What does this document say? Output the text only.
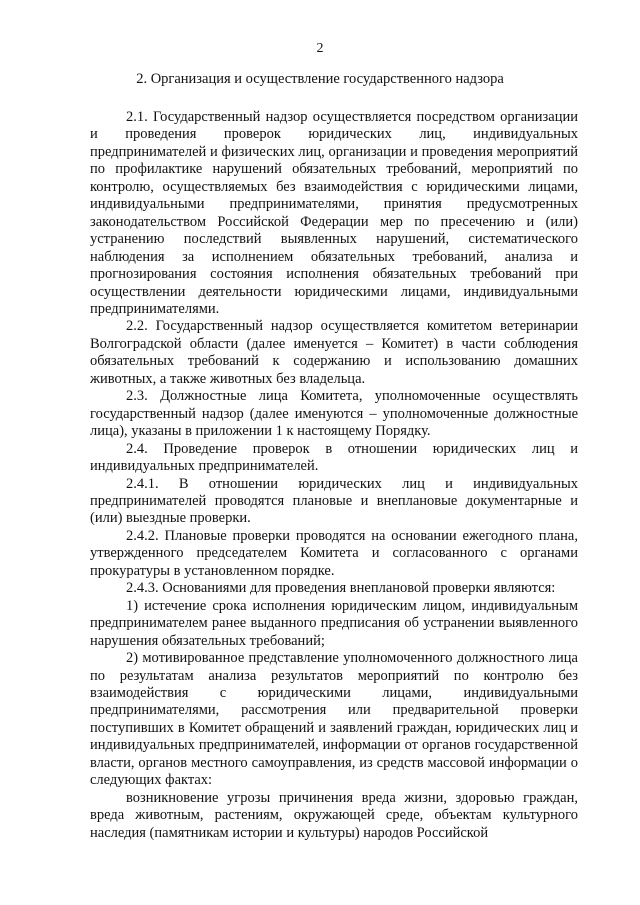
2
2. Организация и осуществление государственного надзора

2.1. Государственный надзор осуществляется посредством организации и проведения проверок юридических лиц, индивидуальных предпринимателей и физических лиц, организации и проведения мероприятий по профилактике нарушений обязательных требований, мероприятий по контролю, осуществляемых без взаимодействия с юридическими лицами, индивидуальными предпринимателями, принятия предусмотренных законодательством Российской Федерации мер по пресечению и (или) устранению последствий выявленных нарушений, систематического наблюдения за исполнением обязательных требований, анализа и прогнозирования состояния исполнения обязательных требований при осуществлении деятельности юридическими лицами, индивидуальными предпринимателями.

2.2. Государственный надзор осуществляется комитетом ветеринарии Волгоградской области (далее именуется – Комитет) в части соблюдения обязательных требований к содержанию и использованию домашних животных, а также животных без владельца.

2.3. Должностные лица Комитета, уполномоченные осуществлять государственный надзор (далее именуются – уполномоченные должностные лица), указаны в приложении 1 к настоящему Порядку.

2.4. Проведение проверок в отношении юридических лиц и индивидуальных предпринимателей.

2.4.1. В отношении юридических лиц и индивидуальных предпринимателей проводятся плановые и внеплановые документарные и (или) выездные проверки.

2.4.2. Плановые проверки проводятся на основании ежегодного плана, утвержденного председателем Комитета и согласованного с органами прокуратуры в установленном порядке.

2.4.3. Основаниями для проведения внеплановой проверки являются:

1) истечение срока исполнения юридическим лицом, индивидуальным предпринимателем ранее выданного предписания об устранении выявленного нарушения обязательных требований;

2) мотивированное представление уполномоченного должностного лица по результатам анализа результатов мероприятий по контролю без взаимодействия с юридическими лицами, индивидуальными предпринимателями, рассмотрения или предварительной проверки поступивших в Комитет обращений и заявлений граждан, юридических лиц и индивидуальных предпринимателей, информации от органов государственной власти, органов местного самоуправления, из средств массовой информации о следующих фактах:

возникновение угрозы причинения вреда жизни, здоровью граждан, вреда животным, растениям, окружающей среде, объектам культурного наследия (памятникам истории и культуры) народов Российской
